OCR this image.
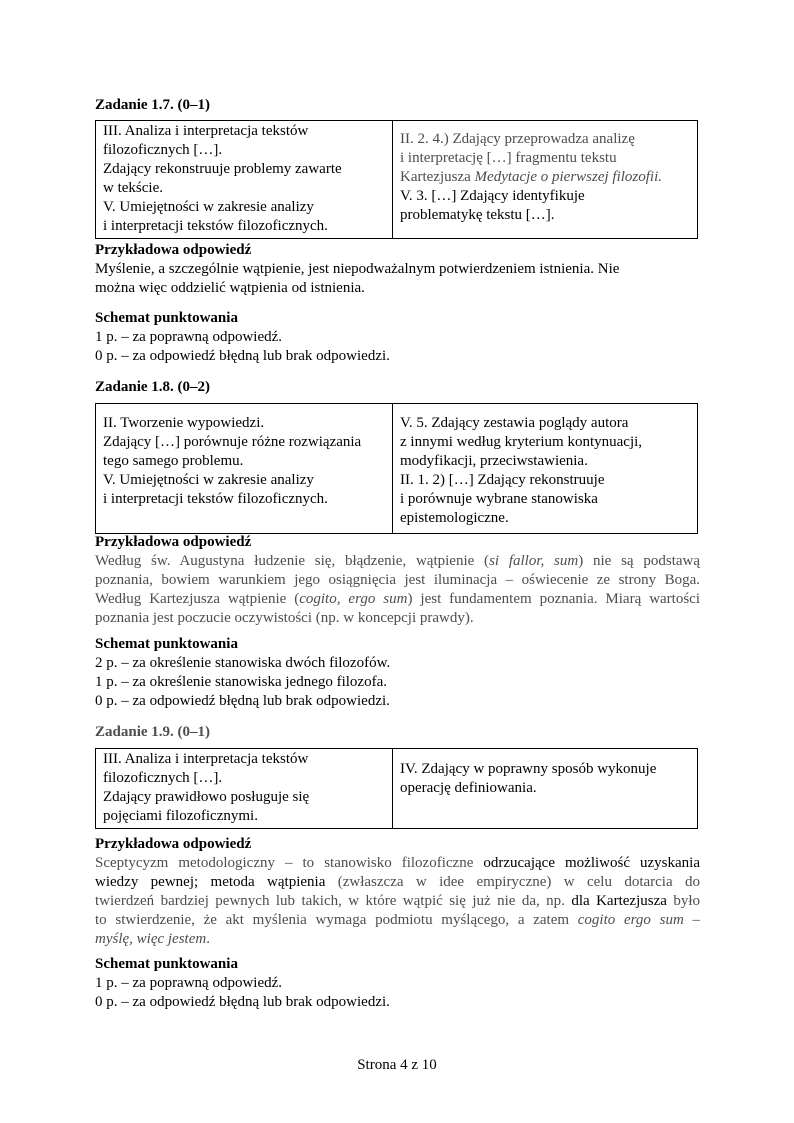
Zadanie 1.7. (0–1)
III. Analiza i interpretacja tekstów
filozoficznych […].
Zdający rekonstruuje problemy zawarte
w tekście.
V. Umiejętności w zakresie analizy
i interpretacji tekstów filozoficznych.

II. 2. 4.) Zdający przeprowadza analizę
i interpretację […] fragmentu tekstu
Kartezjusza Medytacje o pierwszej filozofii.
V. 3. […] Zdający identyfikuje
problematykę tekstu […].
Przykładowa odpowiedź
Myślenie, a szczególnie wątpienie, jest niepodważalnym potwierdzeniem istnienia. Nie
można więc oddzielić wątpienia od istnienia.
Schemat punktowania
1 p. – za poprawną odpowiedź.
0 p. – za odpowiedź błędną lub brak odpowiedzi.
Zadanie 1.8. (0–2)
II. Tworzenie wypowiedzi.
Zdający […] porównuje różne rozwiązania
tego samego problemu.
V. Umiejętności w zakresie analizy
i interpretacji tekstów filozoficznych.

V. 5. Zdający zestawia poglądy autora
z innymi według kryterium kontynuacji,
modyfikacji, przeciwstawienia.
II. 1. 2) […] Zdający rekonstruuje
i porównuje wybrane stanowiska
epistemologiczne.
Przykładowa odpowiedź
Według św. Augustyna łudzenie się, błądzenie, wątpienie (si fallor, sum) nie są podstawą
poznania, bowiem warunkiem jego osiągnięcia jest iluminacja – oświecenie ze strony Boga.
Według Kartezjusza wątpienie (cogito, ergo sum) jest fundamentem poznania. Miarą wartości
poznania jest poczucie oczywistości (np. w koncepcji prawdy).
Schemat punktowania
2 p. – za określenie stanowiska dwóch filozofów.
1 p. – za określenie stanowiska jednego filozofa.
0 p. – za odpowiedź błędną lub brak odpowiedzi.
Zadanie 1.9. (0–1)
III. Analiza i interpretacja tekstów
filozoficznych […].
Zdający prawidłowo posługuje się
pojęciami filozoficznymi.

IV. Zdający w poprawny sposób wykonuje
operację definiowania.
Przykładowa odpowiedź
Sceptycyzm metodologiczny – to stanowisko filozoficzne odrzucające możliwość uzyskania
wiedzy pewnej; metoda wątpienia (zwłaszcza w idee empiryczne) w celu dotarcia do
twierdzeń bardziej pewnych lub takich, w które wątpić się już nie da, np. dla Kartezjusza było
to stwierdzenie, że akt myślenia wymaga podmiotu myślącego, a zatem cogito ergo sum –
myślę, więc jestem.
Schemat punktowania
1 p. – za poprawną odpowiedź.
0 p. – za odpowiedź błędną lub brak odpowiedzi.
Strona 4 z 10
